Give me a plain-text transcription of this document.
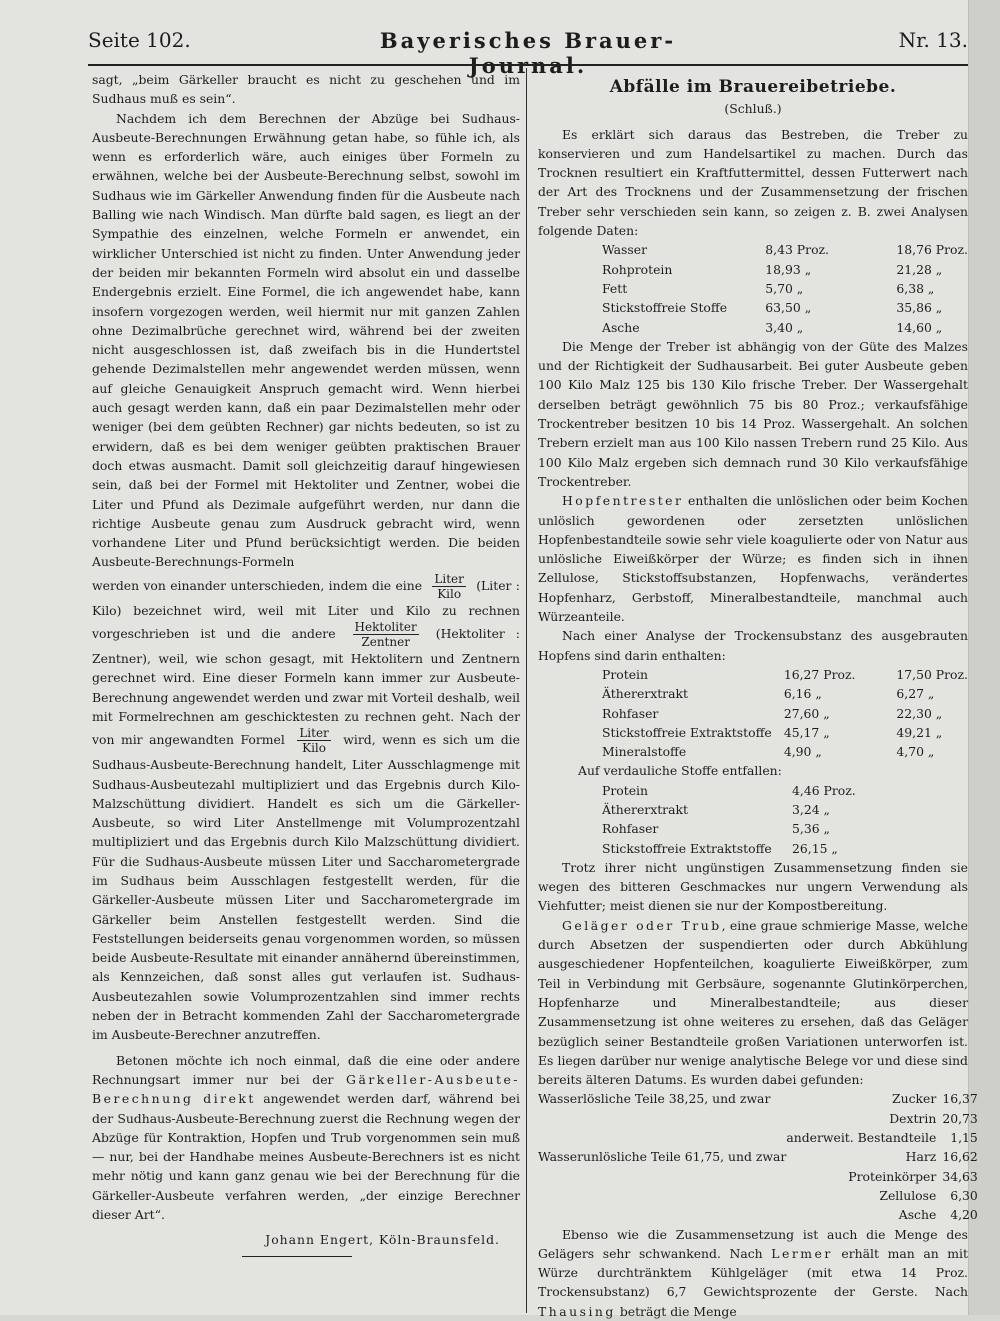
Seite 102.	Bayerisches Brauer-Journal.
Nr. 13.

sagt, „beim Gärkeller braucht es nicht zu geschehen und im Sudhaus muß es sein“.

Nachdem ich dem Berechnen der Abzüge bei Sudhaus-Ausbeute-Berechnungen Erwähnung getan habe, so fühle ich, als wenn es erforderlich wäre, auch einiges über Formeln zu erwähnen, welche bei der Ausbeute-Berechnung selbst, sowohl im Sudhaus wie im Gärkeller Anwendung finden für die Ausbeute nach Balling wie nach Windisch. Man dürfte bald sagen, es liegt an der Sympathie des einzelnen, welche Formeln er anwendet, ein wirklicher Unterschied ist nicht zu finden. Unter Anwendung jeder der beiden mir bekannten Formeln wird absolut ein und dasselbe Endergebnis erzielt. Eine Formel, die ich angewendet habe, kann insofern vorgezogen werden, weil hiermit nur mit ganzen Zahlen ohne Dezimalbrüche gerechnet wird, während bei der zweiten nicht ausgeschlossen ist, daß zweifach bis in die Hundertstel gehende Dezimalstellen mehr angewendet werden müssen, wenn auf gleiche Genauigkeit Anspruch gemacht wird. Wenn hierbei auch gesagt werden kann, daß ein paar Dezimalstellen mehr oder weniger (bei dem geübten Rechner) gar nichts bedeuten, so ist zu erwidern, daß es bei dem weniger geübten praktischen Brauer doch etwas ausmacht. Damit soll gleichzeitig darauf hingewiesen sein, daß bei der Formel mit Hektoliter und Zentner, wobei die Liter und Pfund als Dezimale aufgeführt werden, nur dann die richtige Ausbeute genau zum Ausdruck gebracht wird, wenn vorhandene Liter und Pfund berücksichtigt werden. Die beiden Ausbeute-Berechnungs-Formeln

werden von einander unterschieden, indem die eine $\frac{\text{Liter}}{\text{Kilo}}$ (Liter : Kilo) bezeichnet wird, weil mit Liter und Kilo zu rechnen vorgeschrieben ist und die andere $\frac{\text{Hektoliter}}{\text{Zentner}}$ (Hektoliter : Zentner), weil, wie schon gesagt, mit Hektolitern und Zentnern gerechnet wird. Eine dieser Formeln kann immer zur Ausbeute-Berechnung angewendet werden und zwar mit Vorteil deshalb, weil mit Formelrechnen am geschicktesten zu rechnen geht. Nach der von mir angewandten Formel $\frac{\text{Liter}}{\text{Kilo}}$ wird, wenn es sich um die Sudhaus-Ausbeute-Berechnung handelt, Liter Ausschlagmenge mit Sudhaus-Ausbeutezahl multipliziert und das Ergebnis durch Kilo-Malzschüttung dividiert. Handelt es sich um die Gärkeller-Ausbeute, so wird Liter Anstellmenge mit Volumprozentzahl multipliziert und das Ergebnis durch Kilo Malzschüttung dividiert. Für die Sudhaus-Ausbeute müssen Liter und Saccharometergrade im Sudhaus beim Ausschlagen festgestellt werden, für die Gärkeller-Ausbeute müssen Liter und Saccharometergrade im Gärkeller beim Anstellen festgestellt werden. Sind die Feststellungen beiderseits genau vorgenommen worden, so müssen beide Ausbeute-Resultate mit einander annähernd übereinstimmen, als Kennzeichen, daß sonst alles gut verlaufen ist. Sudhaus-Ausbeutezahlen sowie Volumprozentzahlen sind immer rechts neben der in Betracht kommenden Zahl der Saccharometergrade im Ausbeute-Berechner anzutreffen.

Betonen möchte ich noch einmal, daß die eine oder andere Rechnungsart immer nur bei der Gärkeller-Ausbeute-Berechnung direkt angewendet werden darf, während bei der Sudhaus-Ausbeute-Berechnung zuerst die Rechnung wegen der Abzüge für Kontraktion, Hopfen und Trub vorgenommen sein muß — nur, bei der Handhabe meines Ausbeute-Berechners ist es nicht mehr nötig und kann ganz genau wie bei der Berechnung für die Gärkeller-Ausbeute verfahren werden, „der einzige Berechner dieser Art“.

Johann Engert, Köln-Braunsfeld.
Abfälle im Brauereibetriebe.
(Schluß.)

Es erklärt sich daraus das Bestreben, die Treber zu konservieren und zum Handelsartikel zu machen. Durch das Trocknen resultiert ein Kraftfuttermittel, dessen Futterwert nach der Art des Trocknens und der Zusammensetzung der frischen Treber sehr verschieden sein kann, so zeigen z. B. zwei Analysen folgende Daten:

Wasser	8,43 Proz.	18,76 Proz.
Rohprotein	18,93 „	21,28 „
Fett	5,70 „	6,38 „
Stickstoffreie Stoffe	63,50 „	35,86 „
Asche	3,40 „	14,60 „

Die Menge der Treber ist abhängig von der Güte des Malzes und der Richtigkeit der Sudhausarbeit. Bei guter Ausbeute geben 100 Kilo Malz 125 bis 130 Kilo frische Treber. Der Wassergehalt derselben beträgt gewöhnlich 75 bis 80 Proz.; verkaufsfähige Trockentreber besitzen 10 bis 14 Proz. Wassergehalt. An solchen Trebern erzielt man aus 100 Kilo nassen Trebern rund 25 Kilo. Aus 100 Kilo Malz ergeben sich demnach rund 30 Kilo verkaufsfähige Trockentreber.

Hopfentrester enthalten die unlöslichen oder beim Kochen unlöslich gewordenen oder zersetzten unlöslichen Hopfenbestandteile sowie sehr viele koagulierte oder von Natur aus unlösliche Eiweißkörper der Würze; es finden sich in ihnen Zellulose, Stickstoffsubstanzen, Hopfenwachs, verändertes Hopfenharz, Gerbstoff, Mineralbestandteile, manchmal auch Würzeanteile.

Nach einer Analyse der Trockensubstanz des ausgebrauten Hopfens sind darin enthalten:

Protein	16,27 Proz.	17,50 Proz.
Äthererxtrakt	6,16 „	6,27 „
Rohfaser	27,60 „	22,30 „
Stickstoffreie Extraktstoffe	45,17 „	49,21 „
Mineralstoffe	4,90 „	4,70 „
Auf verdauliche Stoffe entfallen:
Protein	4,46 Proz.
Äthererxtrakt	3,24 „
Rohfaser	5,36 „
Stickstoffreie Extraktstoffe	26,15 „

Trotz ihrer nicht ungünstigen Zusammensetzung finden sie wegen des bitteren Geschmackes nur ungern Verwendung als Viehfutter; meist dienen sie nur der Kompostbereitung.

Geläger oder Trub, eine graue schmierige Masse, welche durch Absetzen der suspendierten oder durch Abkühlung ausgeschiedener Hopfenteilchen, koagulierte Eiweißkörper, zum Teil in Verbindung mit Gerbsäure, sogenannte Glutinkörperchen, Hopfenharze und Mineralbestandteile; aus dieser Zusammensetzung ist ohne weiteres zu ersehen, daß das Geläger bezüglich seiner Bestandteile großen Variationen unterworfen ist. Es liegen darüber nur wenige analytische Belege vor und diese sind bereits älteren Datums. Es wurden dabei gefunden:

Wasserlösliche Teile 38,25, und zwar	Zucker	16,37
	Dextrin	20,73
	anderweit. Bestandteile	1,15
Wasserunlösliche Teile 61,75, und zwar	Harz	16,62
	Proteinkörper	34,63
	Zellulose	6,30
	Asche	4,20

Ebenso wie die Zusammensetzung ist auch die Menge des Gelägers sehr schwankend. Nach Lermer erhält man an mit Würze durchtränktem Kühlgeläger (mit etwa 14 Proz. Trockensubstanz) 6,7 Gewichtsprozente der Gerste. Nach Thausing beträgt die Menge
